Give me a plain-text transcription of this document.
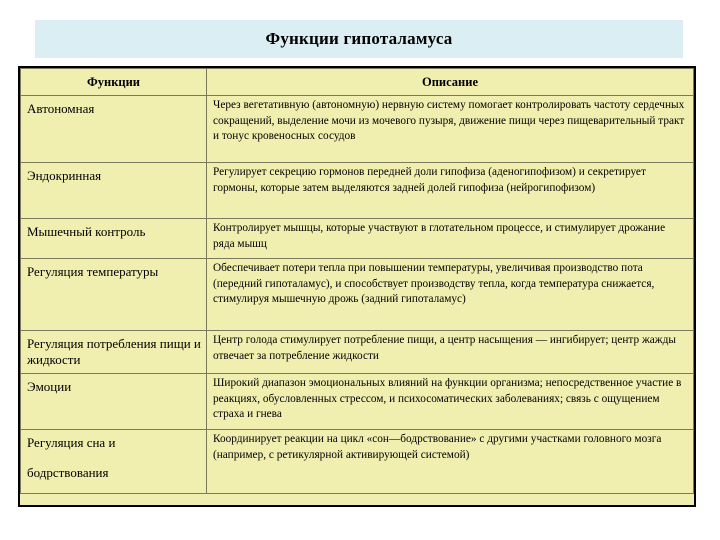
Функции гипоталамуса
Функции	Описание
Автономная	Через вегетативную (автономную) нервную систему помогает контролировать частоту сердечных сокращений, выделение мочи из мочевого пузыря, движение пищи через пищеварительный тракт и тонус кровеносных сосудов
Эндокринная	Регулирует секрецию гормонов передней доли гипофиза (аденогипофизом) и секретирует гормоны, которые затем выделяются задней долей гипофиза (нейрогипофизом)
Мышечный контроль	Контролирует мышцы, которые участвуют в глотательном процессе, и стимулирует дрожание ряда мышц
Регуляция температуры	Обеспечивает потери тепла при повышении температуры, увеличивая производство пота (передний гипоталамус), и способствует производству тепла, когда температура снижается, стимулируя мышечную дрожь (задний гипоталамус)
Регуляция потребления пищи и жидкости	Центр голода стимулирует потребление пищи, а центр насыщения — ингибирует; центр жажды отвечает за потребление жидкости
Эмоции	Широкий диапазон эмоциональных влияний на функции организма; непосредственное участие в реакциях, обусловленных стрессом, и психосоматических заболеваниях; связь с ощущением страха и гнева
Регуляция сна и
бодрствования	Координирует реакции на цикл «сон—бодрствование» с другими участками головного мозга (например, с ретикулярной активирующей системой)
